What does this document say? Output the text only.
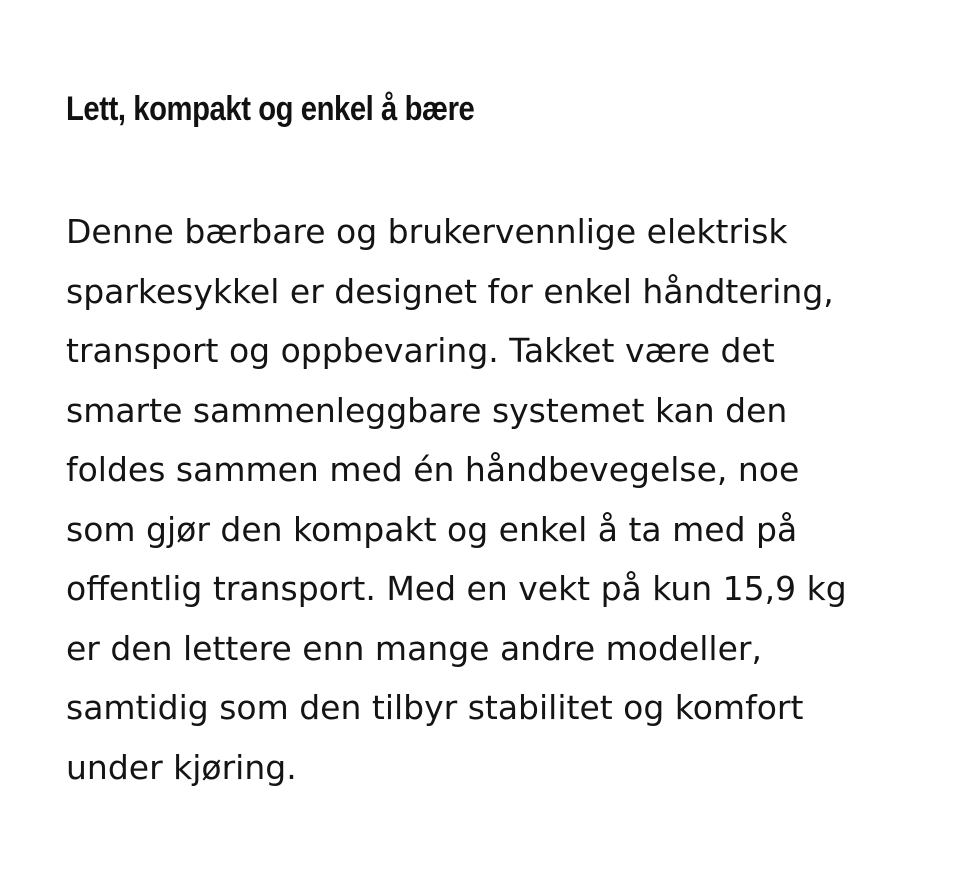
Lett, kompakt og enkel å bære

Denne bærbare og brukervennlige elektrisk
sparkesykkel er designet for enkel håndtering,
transport og oppbevaring. Takket være det
smarte sammenleggbare systemet kan den
foldes sammen med én håndbevegelse, noe
som gjør den kompakt og enkel å ta med på
offentlig transport. Med en vekt på kun 15,9 kg
er den lettere enn mange andre modeller,
samtidig som den tilbyr stabilitet og komfort
under kjøring.
